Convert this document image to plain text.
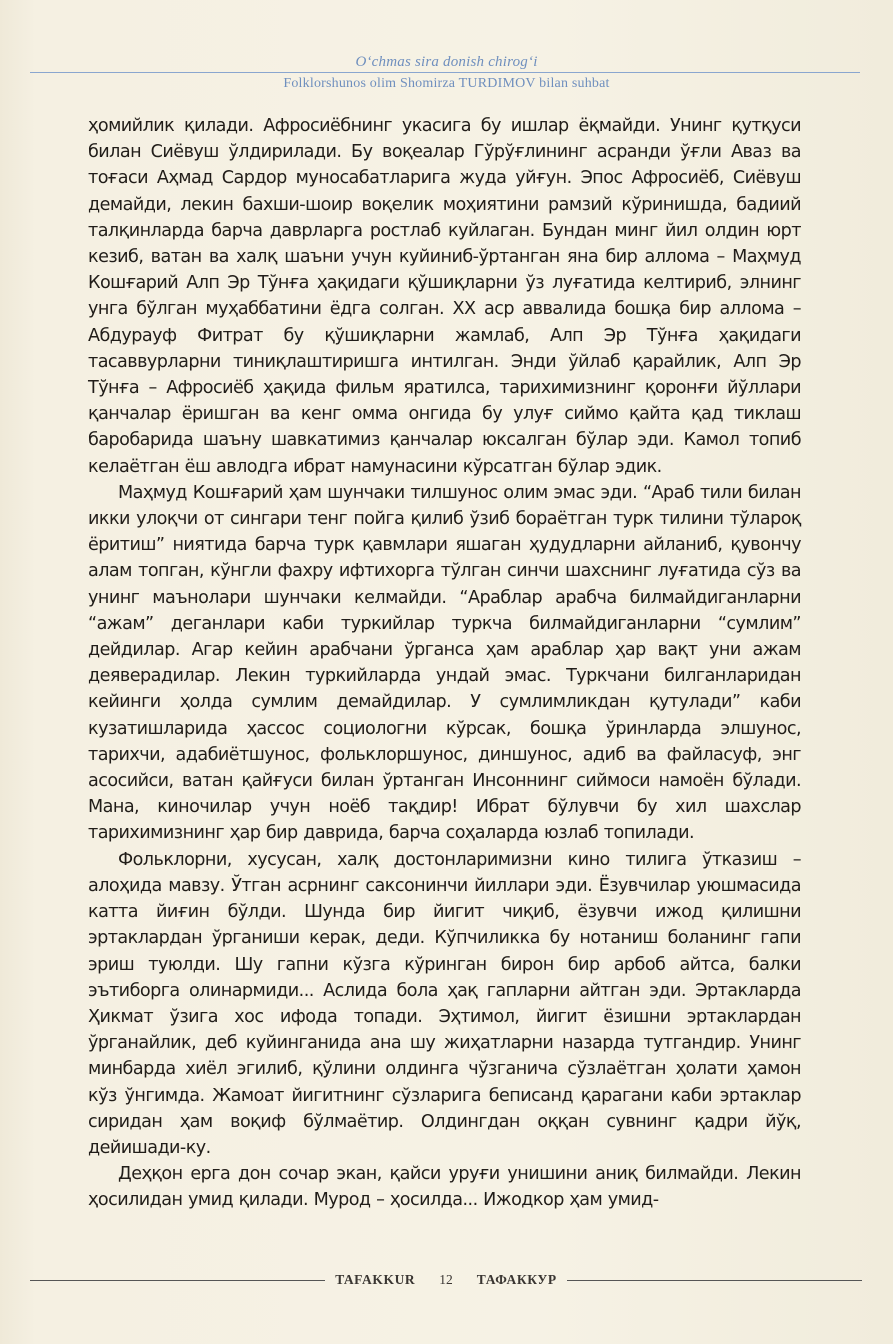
O‘chmas sira donish chirog‘i
Folklorshunos olim Shomirza TURDIMOV bilan suhbat

ҳомийлик қилади. Афросиёбнинг укасига бу ишлар ёқмайди. Унинг қутқуси билан Сиёвуш ўлдирилади. Бу воқеалар Гўрўғлининг асранди ўғли Аваз ва тоғаси Аҳмад Сардор муносабатларига жуда уйғун. Эпос Афросиёб, Сиёвуш демайди, лекин бахши-шоир воқелик моҳиятини рамзий кўринишда, бадиий талқинларда барча даврларга ростлаб куйлаган. Бундан минг йил олдин юрт кезиб, ватан ва халқ шаъни учун куйиниб-ўртанган яна бир аллома – Маҳмуд Кошғарий Алп Эр Тўнға ҳақидаги қўшиқларни ўз луғатида келтириб, элнинг унга бўлган муҳаббатини ёдга солган. XX аср аввалида бошқа бир аллома – Абдурауф Фитрат бу қўшиқларни жамлаб, Алп Эр Тўнға ҳақидаги тасаввурларни тиниқлаштиришга интилган. Энди ўйлаб қарайлик, Алп Эр Тўнға – Афросиёб ҳақида фильм яратилса, тарихимизнинг қоронғи йўллари қанчалар ёришган ва кенг омма онгида бу улуғ сиймо қайта қад тиклаш баробарида шаъну шавкатимиз қанчалар юксалган бўлар эди. Камол топиб келаётган ёш авлодга ибрат намунасини кўрсатган бўлар эдик.

Маҳмуд Кошғарий ҳам шунчаки тилшунос олим эмас эди. “Араб тили билан икки улоқчи от сингари тенг пойга қилиб ўзиб бораётган турк тилини тўлароқ ёритиш” ниятида барча турк қавмлари яшаган ҳудудларни айланиб, қувончу алам топган, кўнгли фахру ифтихорга тўлган синчи шахснинг луғатида сўз ва унинг маънолари шунчаки келмайди. “Араблар арабча билмайдиганларни “ажам” деганлари каби туркийлар туркча билмайдиганларни “сумлим” дейдилар. Агар кейин арабчани ўрганса ҳам араблар ҳар вақт уни ажам деяверадилар. Лекин туркийларда ундай эмас. Туркчани билганларидан кейинги ҳолда сумлим демайдилар. У сумлимликдан қутулади” каби кузатишларида ҳассос социологни кўрсак, бошқа ўринларда элшунос, тарихчи, адабиётшунос, фольклоршунос, диншунос, адиб ва файласуф, энг асосийси, ватан қайғуси билан ўртанган Инсоннинг сиймоси намоён бўлади. Мана, киночилар учун ноёб тақдир! Ибрат бўлувчи бу хил шахслар тарихимизнинг ҳар бир даврида, барча соҳаларда юзлаб топилади.

Фольклорни, хусусан, халқ достонларимизни кино тилига ўтказиш – алоҳида мавзу. Ўтган асрнинг саксонинчи йиллари эди. Ёзувчилар уюшмасида катта йиғин бўлди. Шунда бир йигит чиқиб, ёзувчи ижод қилишни эртаклардан ўрганиши керак, деди. Кўпчиликка бу нотаниш боланинг гапи эриш туюлди. Шу гапни кўзга кўринган бирон бир арбоб айтса, балки эътиборга олинармиди... Аслида бола ҳақ гапларни айтган эди. Эртакларда Ҳикмат ўзига хос ифода топади. Эҳтимол, йигит ёзишни эртаклардан ўрганайлик, деб куйинганида ана шу жиҳатларни назарда тутгандир. Унинг минбарда хиёл эгилиб, қўлини олдинга чўзганича сўзлаётган ҳолати ҳамон кўз ўнгимда. Жамоат йигитнинг сўзларига беписанд қарагани каби эртаклар сиридан ҳам воқиф бўлмаётир. Олдингдан оққан сувнинг қадри йўқ, дейишади-ку.

Деҳқон ерга дон сочар экан, қайси уруғи унишини аниқ билмайди. Лекин ҳосилидан умид қилади. Мурод – ҳосилда... Ижодкор ҳам умид-

TAFAKKUR	12	ТАФАККУР
